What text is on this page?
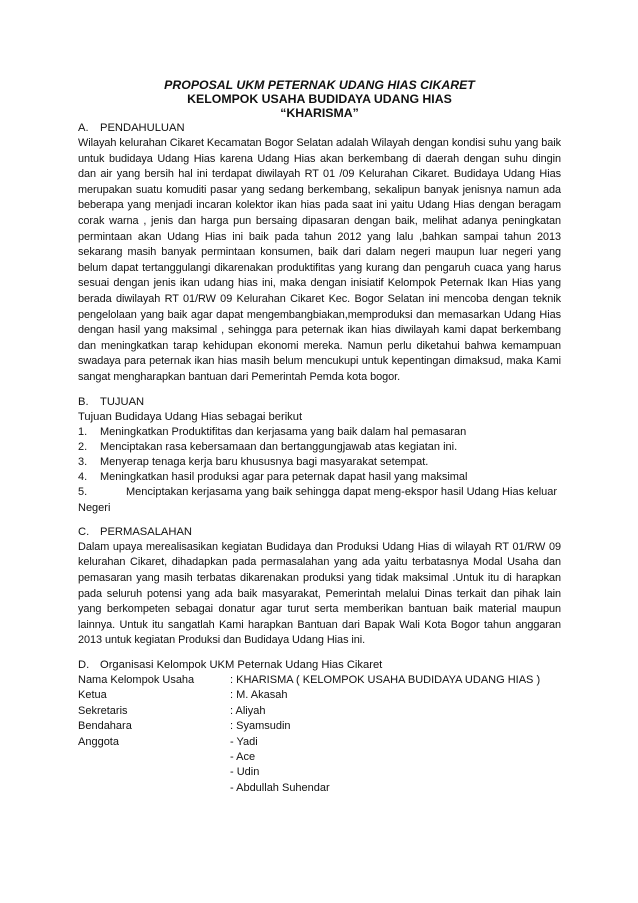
PROPOSAL UKM PETERNAK UDANG HIAS CIKARET

KELOMPOK USAHA BUDIDAYA UDANG HIAS

“KHARISMA”

A. PENDAHULUAN

Wilayah kelurahan Cikaret Kecamatan Bogor Selatan adalah Wilayah dengan kondisi suhu yang baik untuk budidaya Udang Hias karena Udang Hias akan berkembang di daerah dengan suhu dingin dan air yang bersih hal ini terdapat diwilayah RT 01 /09 Kelurahan Cikaret. Budidaya Udang Hias merupakan suatu komuditi pasar yang sedang berkembang, sekalipun banyak jenisnya namun ada beberapa yang menjadi incaran kolektor ikan hias pada saat ini yaitu Udang Hias dengan beragam corak warna , jenis dan harga pun bersaing dipasaran dengan baik, melihat adanya peningkatan permintaan akan Udang Hias ini baik pada tahun 2012 yang lalu ,bahkan sampai tahun 2013 sekarang masih banyak permintaan konsumen, baik dari dalam negeri maupun luar negeri yang belum dapat tertanggulangi dikarenakan produktifitas yang kurang dan pengaruh cuaca yang harus sesuai dengan jenis ikan udang hias ini, maka dengan inisiatif Kelompok Peternak Ikan Hias yang berada diwilayah RT 01/RW 09 Kelurahan Cikaret Kec. Bogor Selatan ini mencoba dengan teknik pengelolaan yang baik agar dapat mengembangbiakan,memproduksi dan memasarkan Udang Hias dengan hasil yang maksimal , sehingga para peternak ikan hias diwilayah kami dapat berkembang dan meningkatkan tarap kehidupan ekonomi mereka. Namun perlu diketahui bahwa kemampuan swadaya para peternak ikan hias masih belum mencukupi untuk kepentingan dimaksud, maka Kami sangat mengharapkan bantuan dari Pemerintah Pemda kota bogor.

B. TUJUAN

Tujuan Budidaya Udang Hias sebagai berikut

1.	Meningkatkan Produktifitas dan kerjasama yang baik dalam hal pemasaran
2.	Menciptakan rasa kebersamaan dan bertanggungjawab atas kegiatan ini.
3.	Menyerap tenaga kerja baru khususnya bagi masyarakat setempat.
4.	Meningkatkan hasil produksi agar para peternak dapat hasil yang maksimal
5.	Menciptakan kerjasama yang baik sehingga dapat meng-ekspor hasil Udang Hias keluar
Negeri

C. PERMASALAHAN

Dalam upaya merealisasikan kegiatan Budidaya dan Produksi Udang Hias di wilayah RT 01/RW 09 kelurahan Cikaret, dihadapkan pada permasalahan yang ada yaitu terbatasnya Modal Usaha dan pemasaran yang masih terbatas dikarenakan produksi yang tidak maksimal .Untuk itu di harapkan pada seluruh potensi yang ada baik masyarakat, Pemerintah melalui Dinas terkait dan pihak lain yang berkompeten sebagai donatur agar turut serta memberikan bantuan baik material maupun lainnya. Untuk itu sangatlah Kami harapkan Bantuan dari Bapak Wali Kota Bogor tahun anggaran 2013 untuk kegiatan Produksi dan Budidaya Udang Hias ini.

D. Organisasi Kelompok UKM Peternak Udang Hias Cikaret

Nama Kelompok Usaha	: KHARISMA ( KELOMPOK USAHA BUDIDAYA UDANG HIAS )
Ketua	: M. Akasah
Sekretaris	: Aliyah
Bendahara	: Syamsudin
Anggota	- Yadi
- Ace
- Udin
- Abdullah Suhendar
